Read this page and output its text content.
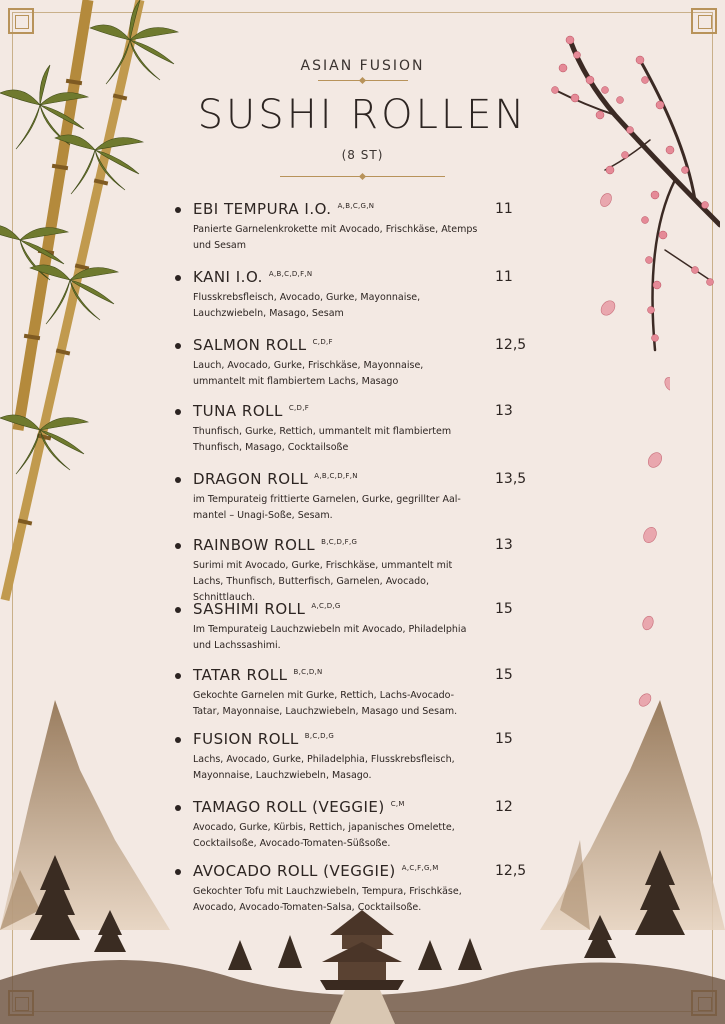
ASIAN FUSION
SUSHI ROLLEN
(8 ST)
EBI TEMPURA I.O. $^{A,B,C,G,N}$
Panierte Garnelenkrokette mit Avocado, Frischkäse, Atemps und Sesam
11
KANI I.O. $^{A,B,C,D,F,N}$
Flusskrebsfleisch, Avocado, Gurke, Mayonnaise, Lauchzwiebeln, Masago, Sesam
11
SALMON ROLL $^{C,D,F}$
Lauch, Avocado, Gurke, Frischkäse, Mayonnaise, ummantelt mit flambiertem Lachs, Masago
12,5
TUNA ROLL $^{C,D,F}$
Thunfisch, Gurke, Rettich, ummantelt mit flambiertem Thunfisch, Masago, Cocktailsoße
13
DRAGON ROLL $^{A,B,C,D,F,N}$
im Tempurateig frittierte Garnelen, Gurke, gegrillter Aal-mantel – Unagi-Soße, Sesam.
13,5
RAINBOW ROLL $^{B,C,D,F,G}$
Surimi mit Avocado, Gurke, Frischkäse, ummantelt mit Lachs, Thunfisch, Butterfisch, Garnelen, Avocado, Schnittlauch.
13
SASHIMI ROLL $^{A,C,D,G}$
Im Tempurateig Lauchzwiebeln mit Avocado, Philadelphia und Lachssashimi.
15
TATAR ROLL $^{B,C,D,N}$
Gekochte Garnelen mit Gurke, Rettich, Lachs-Avocado-Tatar, Mayonnaise, Lauchzwiebeln, Masago und Sesam.
15
FUSION ROLL $^{B,C,D,G}$
Lachs, Avocado, Gurke, Philadelphia, Flusskrebsfleisch, Mayonnaise, Lauchzwiebeln, Masago.
15
TAMAGO ROLL (VEGGIE) $^{C,M}$
Avocado, Gurke, Kürbis, Rettich, japanisches Omelette, Cocktailsoße, Avocado-Tomaten-Süßsoße.
12
AVOCADO ROLL (VEGGIE) $^{A,C,F,G,M}$
Gekochter Tofu mit Lauchzwiebeln, Tempura, Frischkäse, Avocado, Avocado-Tomaten-Salsa, Cocktailsoße.
12,5
